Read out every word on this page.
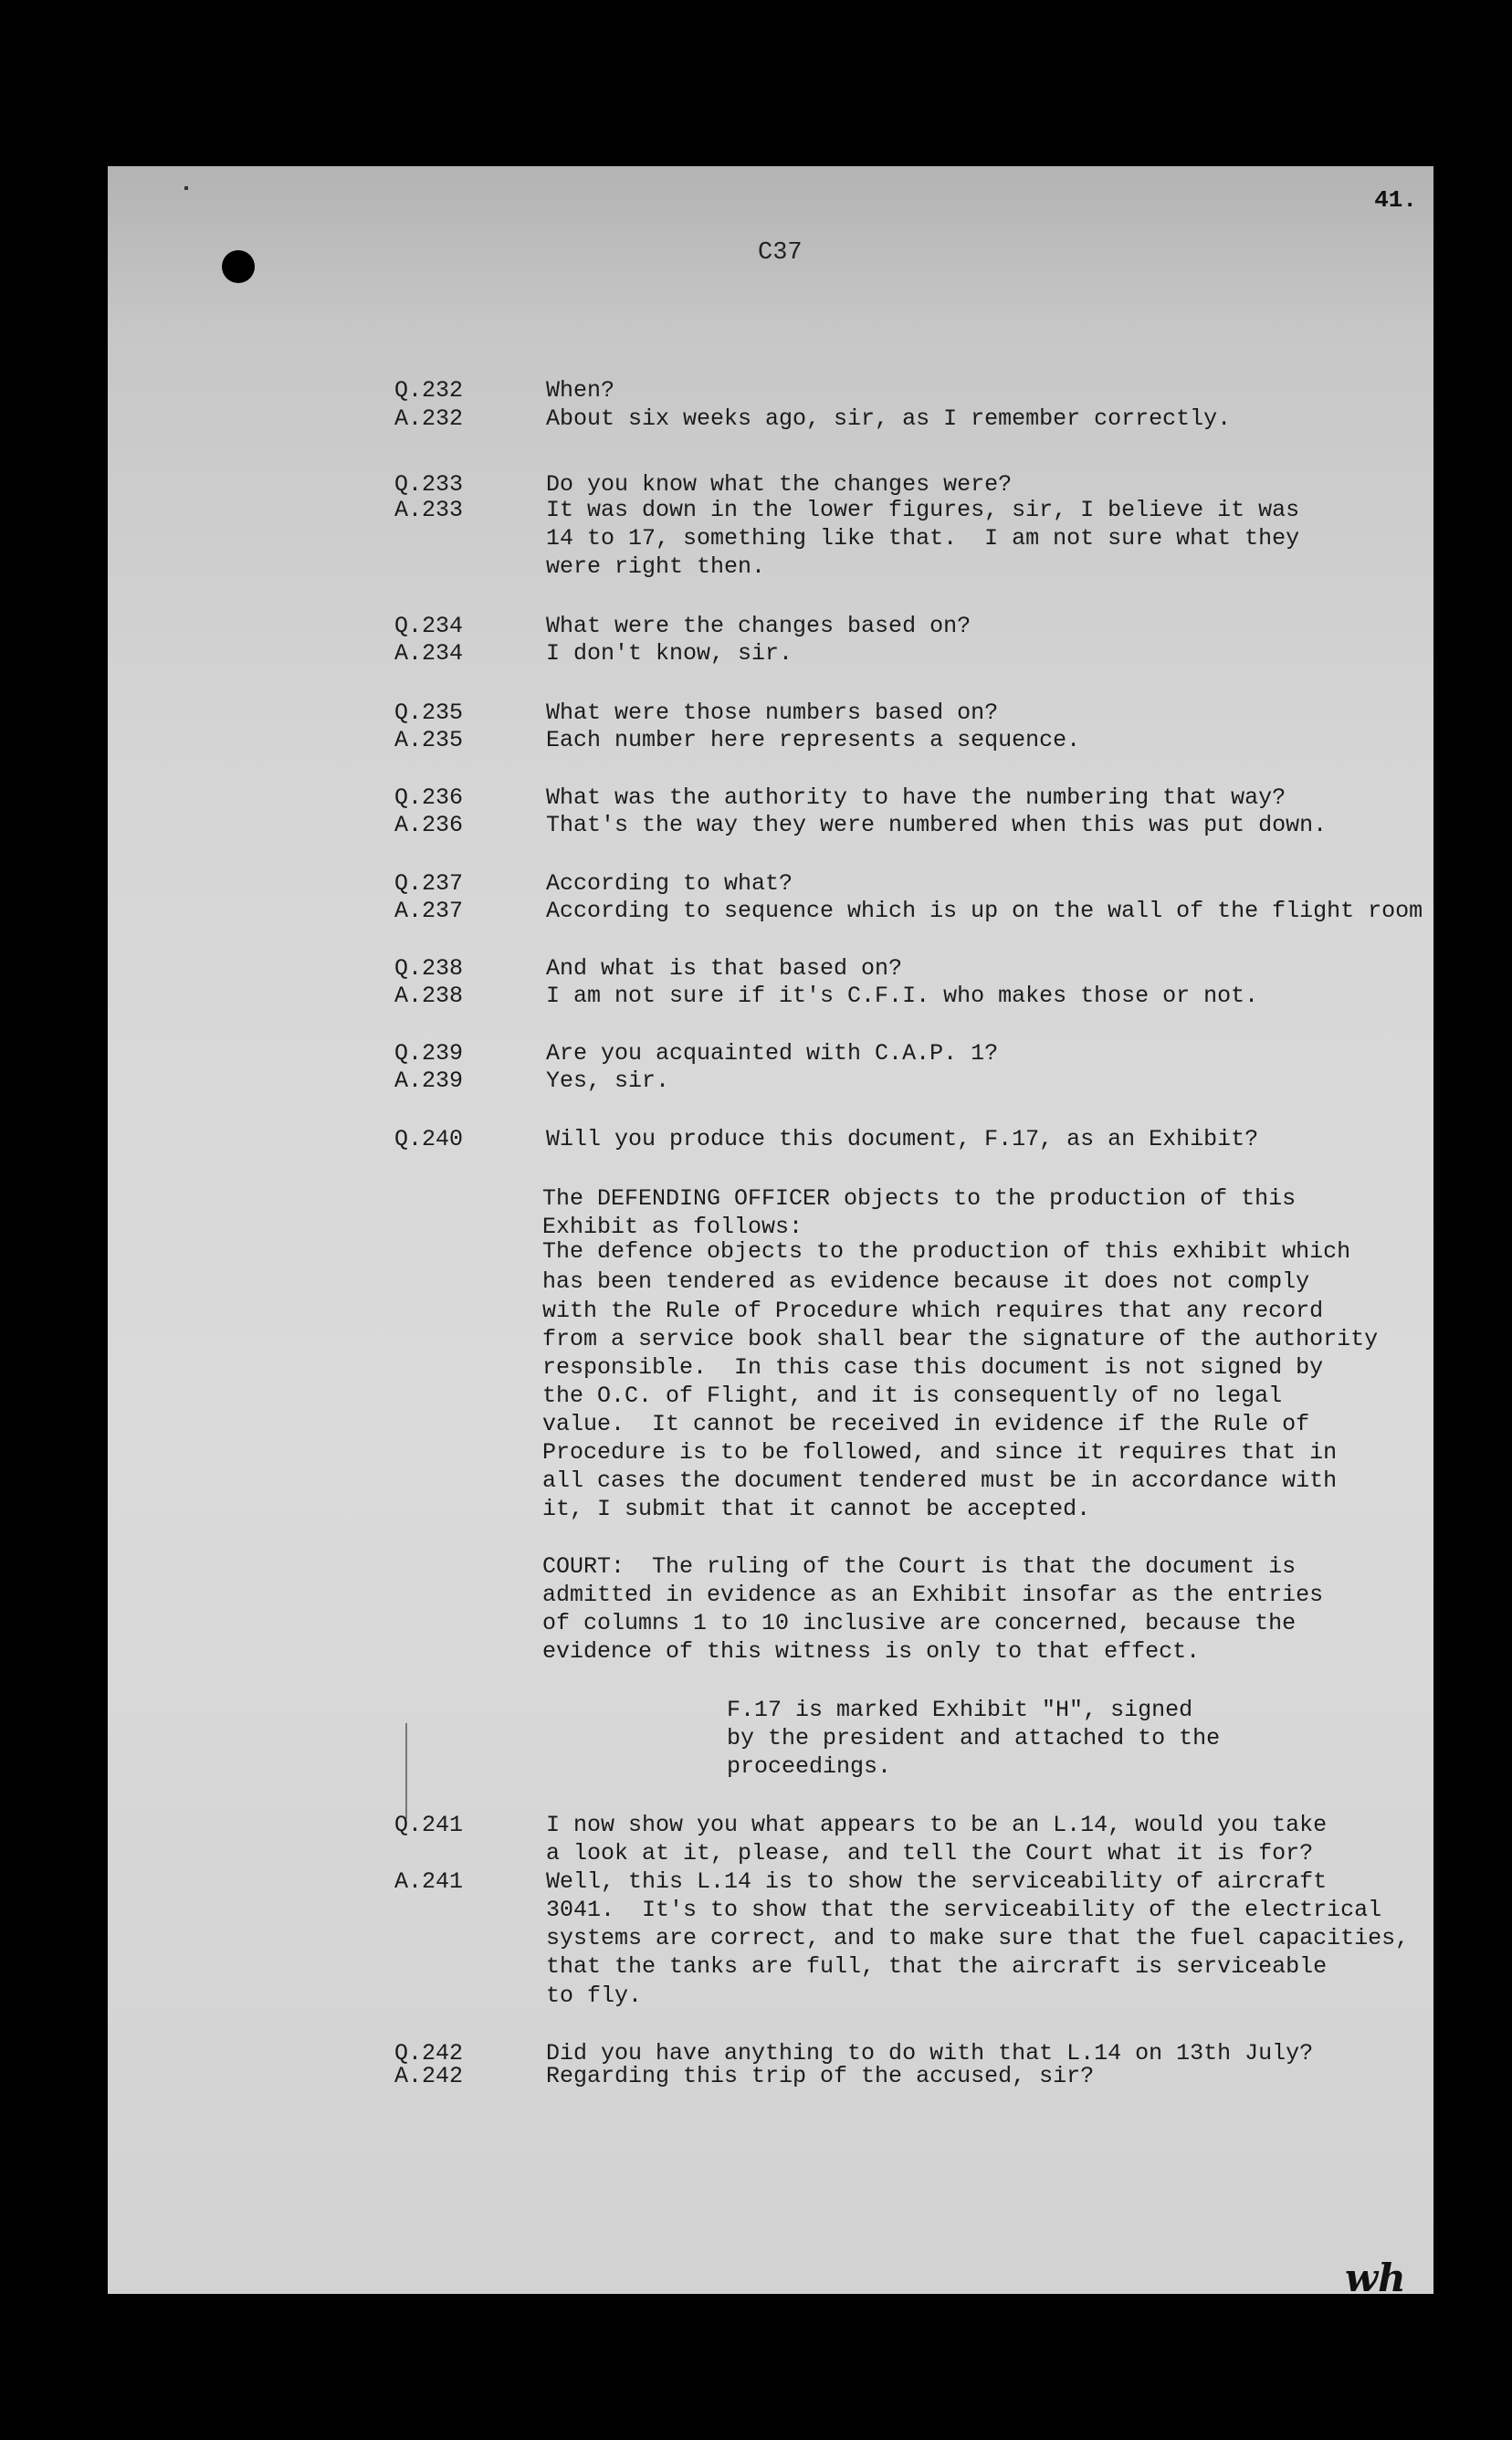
41.
C37
Q.232	When?
A.232	About six weeks ago, sir, as I remember correctly.
Q.233	Do you know what the changes were?
A.233	It was down in the lower figures, sir, I believe it was
14 to 17, something like that.  I am not sure what they
were right then.
Q.234	What were the changes based on?
A.234	I don't know, sir.
Q.235	What were those numbers based on?
A.235	Each number here represents a sequence.
Q.236	What was the authority to have the numbering that way?
A.236	That's the way they were numbered when this was put down.
Q.237	According to what?
A.237	According to sequence which is up on the wall of the flight room
Q.238	And what is that based on?
A.238	I am not sure if it's C.F.I. who makes those or not.
Q.239	Are you acquainted with C.A.P. 1?
A.239	Yes, sir.
Q.240	Will you produce this document, F.17, as an Exhibit?
The DEFENDING OFFICER objects to the production of this
Exhibit as follows:
The defence objects to the production of this exhibit which
has been tendered as evidence because it does not comply
with the Rule of Procedure which requires that any record
from a service book shall bear the signature of the authority
responsible.  In this case this document is not signed by
the O.C. of Flight, and it is consequently of no legal
value.  It cannot be received in evidence if the Rule of
Procedure is to be followed, and since it requires that in
all cases the document tendered must be in accordance with
it, I submit that it cannot be accepted.
COURT:  The ruling of the Court is that the document is
admitted in evidence as an Exhibit insofar as the entries
of columns 1 to 10 inclusive are concerned, because the
evidence of this witness is only to that effect.
F.17 is marked Exhibit "H", signed
by the president and attached to the
proceedings.
Q.241	I now show you what appears to be an L.14, would you take
a look at it, please, and tell the Court what it is for?
A.241	Well, this L.14 is to show the serviceability of aircraft
3041.  It's to show that the serviceability of the electrical
systems are correct, and to make sure that the fuel capacities,
that the tanks are full, that the aircraft is serviceable
to fly.
Q.242	Did you have anything to do with that L.14 on 13th July?
A.242	Regarding this trip of the accused, sir?
wh
